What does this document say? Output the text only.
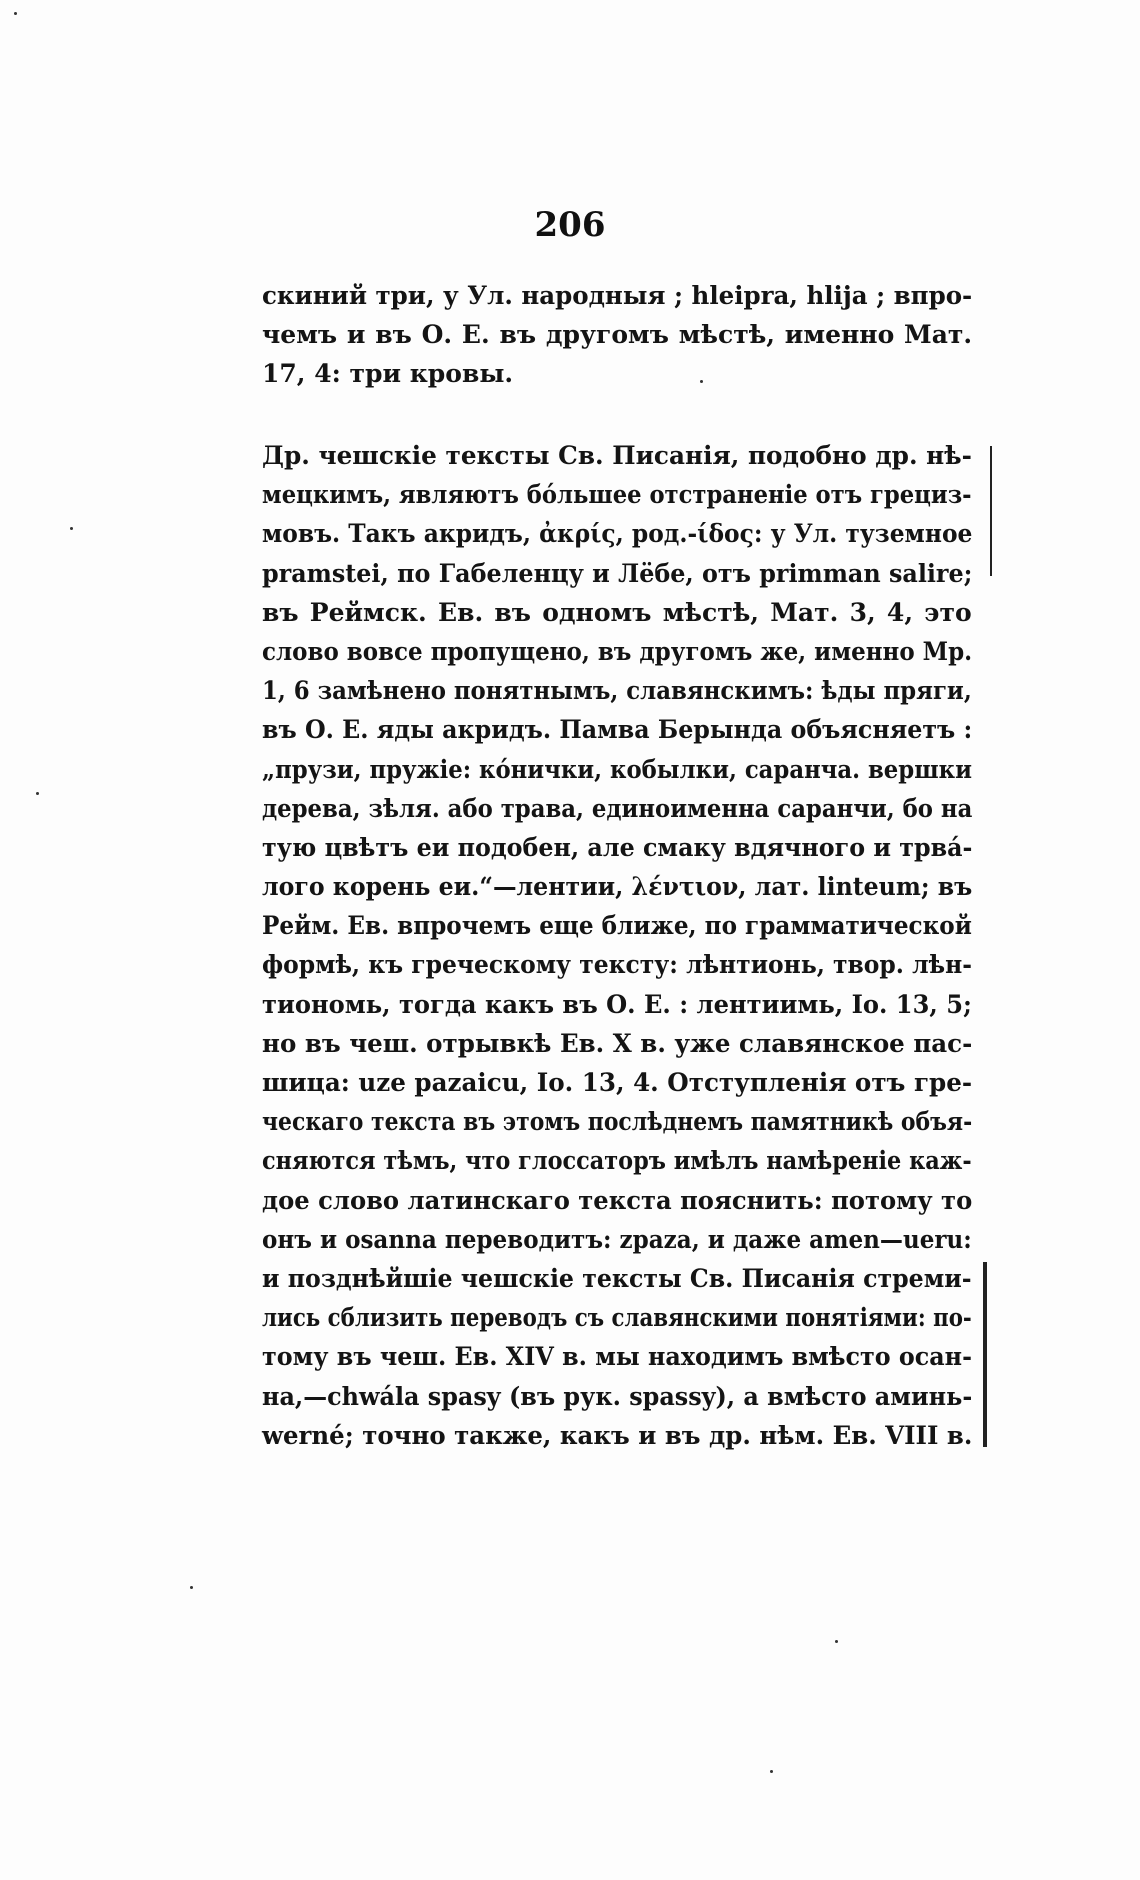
206
скиний три, у Ул. народныя ; hleipra, hlija ; впро-
чемъ и въ О. Е. въ другомъ мѣстѣ, именно Мат.
17, 4: три кровы.
Др. чешскіе тексты Св. Писанія, подобно др. нѣ-
мецкимъ, являютъ бо́льшее отстраненіе отъ грециз-
мовъ. Такъ акридъ, ἀκρίς, род.-ίδος: у Ул. туземное
pramstei, по Габеленцу и Лёбе, отъ primman salire;
въ Реймск. Ев. въ одномъ мѣстѣ, Мат. 3, 4, это
слово вовсе пропущено, въ другомъ же, именно Мр.
1, 6 замѣнено понятнымъ, славянскимъ: ѣды пряги,
въ О. Е. яды акридъ. Памва Берында объясняетъ :
„прузи, пружіе: ко́нички, кобылки, саранча. вершки
дерева, зѣля. або трава, единоименна саранчи, бо на
тую цвѣтъ еи подобен, але смаку вдячного и трва́-
лого корень еи.“—лентии, λέντιον, лат. linteum; въ
Рейм. Ев. впрочемъ еще ближе, по грамматической
формѣ, къ греческому тексту: лѣнтионь, твор. лѣн-
тиономь, тогда какъ въ О. Е. : лентиимь, Іо. 13, 5;
но въ чеш. отрывкѣ Ев. X в. уже славянское пас-
шица: uze pazaicu, Іо. 13, 4. Отступленія отъ гре-
ческаго текста въ этомъ послѣднемъ памятникѣ объя-
сняются тѣмъ, что глоссаторъ имѣлъ намѣреніе каж-
дое слово латинскаго текста пояснить: потому то
онъ и osanna переводитъ: zpaza, и даже amen—ueru:
и позднѣйшіе чешскіе тексты Св. Писанія стреми-
лись сблизить переводъ съ славянскими понятіями: по-
тому въ чеш. Ев. XIV в. мы находимъ вмѣсто осан-
на,—chwála spasy (въ рук. spassy), а вмѣсто аминь-
werné; точно также, какъ и въ др. нѣм. Ев. VIII в.
